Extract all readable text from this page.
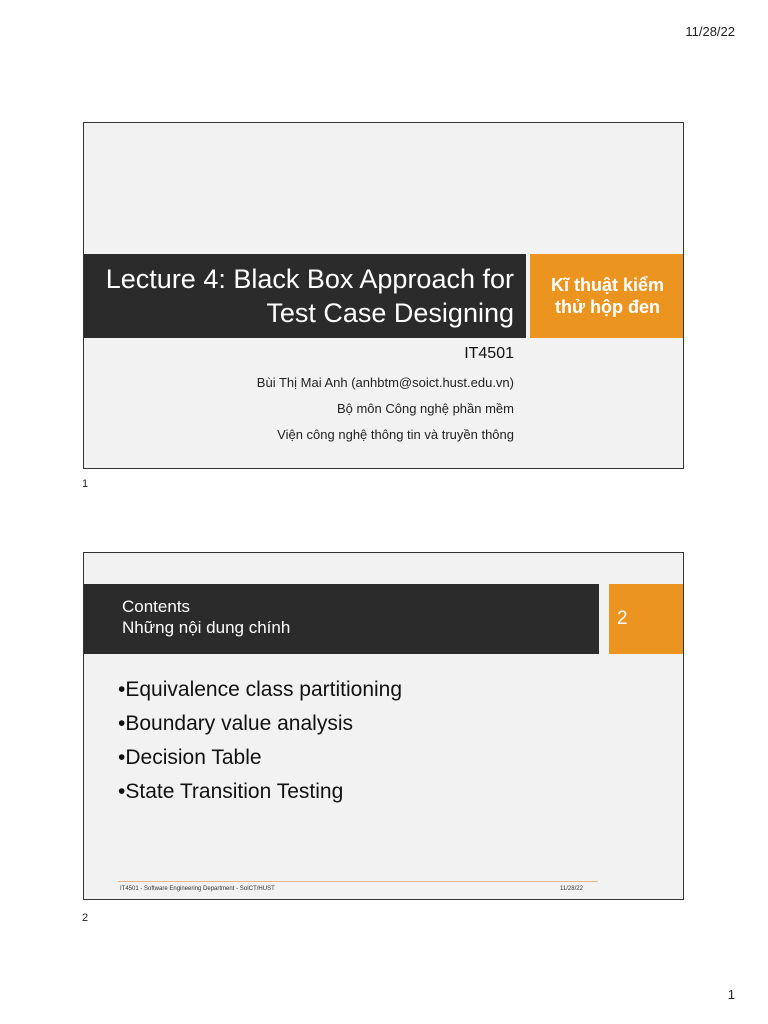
11/28/22
Lecture 4: Black Box Approach for
Test Case Designing
Kĩ thuật kiểm
thử hộp đen
IT4501
Bùi Thị Mai Anh (anhbtm@soict.hust.edu.vn)
Bộ môn Công nghệ phần mềm
Viện công nghệ thông tin và truyền thông
1
Contents
Những nội dung chính	2
• Equivalence class partitioning
• Boundary value analysis
• Decision Table
• State Transition Testing
IT4501 - Software Engineering Department - SoICT/HUST	11/28/22
2
1
